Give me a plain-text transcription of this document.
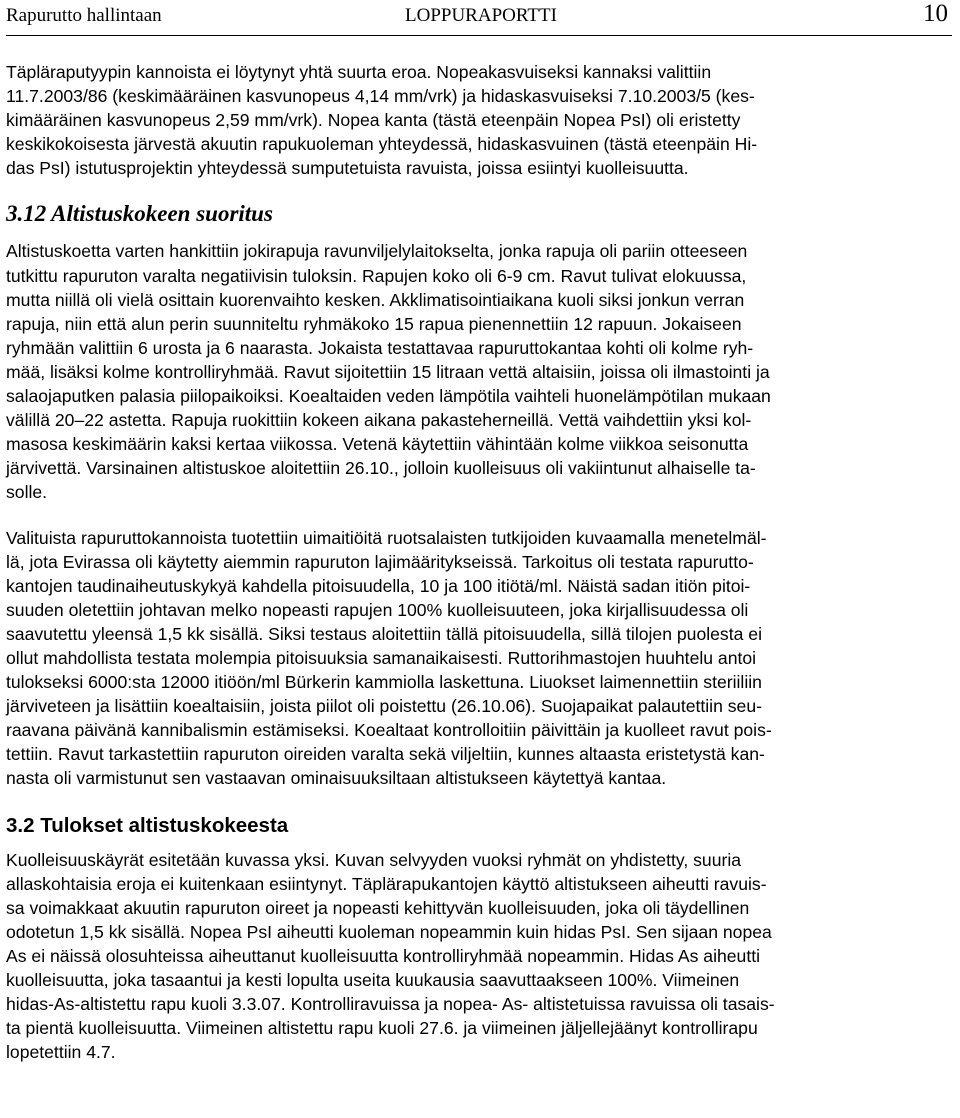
Rapurutto hallintaan	LOPPURAPORTTI	10

Täpläraputyypin kannoista ei löytynyt yhtä suurta eroa. Nopeakasvuiseksi kannaksi valittiin
11.7.2003/86 (keskimääräinen kasvunopeus 4,14 mm/vrk) ja hidaskasvuiseksi 7.10.2003/5 (kes-
kimääräinen kasvunopeus 2,59 mm/vrk). Nopea kanta (tästä eteenpäin Nopea PsI) oli eristetty
keskikokoisesta järvestä akuutin rapukuoleman yhteydessä, hidaskasvuinen (tästä eteenpäin Hi-
das PsI) istutusprojektin yhteydessä sumputetuista ravuista, joissa esiintyi kuolleisuutta.

3.12 Altistuskokeen suoritus

Altistuskoetta varten hankittiin jokirapuja ravunviljelylaitokselta, jonka rapuja oli pariin otteeseen
tutkittu rapuruton varalta negatiivisin tuloksin. Rapujen koko oli 6-9 cm. Ravut tulivat elokuussa,
mutta niillä oli vielä osittain kuorenvaihto kesken. Akklimatisointiaikana kuoli siksi jonkun verran
rapuja, niin että alun perin suunniteltu ryhmäkoko 15 rapua pienennettiin 12 rapuun. Jokaiseen
ryhmään valittiin 6 urosta ja 6 naarasta. Jokaista testattavaa rapuruttokantaa kohti oli kolme ryh-
mää, lisäksi kolme kontrolliryhmää. Ravut sijoitettiin 15 litraan vettä altaisiin, joissa oli ilmastointi ja
salaojaputken palasia piilopaikoiksi. Koealtaiden veden lämpötila vaihteli huonelämpötilan mukaan
välillä 20–22 astetta. Rapuja ruokittiin kokeen aikana pakasteherneillä. Vettä vaihdettiin yksi kol-
masosa keskimäärin kaksi kertaa viikossa. Vetenä käytettiin vähintään kolme viikkoa seisonutta
järvivettä. Varsinainen altistuskoe aloitettiin 26.10., jolloin kuolleisuus oli vakiintunut alhaiselle ta-
solle.

Valituista rapuruttokannoista tuotettiin uimaitiöitä ruotsalaisten tutkijoiden kuvaamalla menetelmäl-
lä, jota Evirassa oli käytetty aiemmin rapuruton lajimääritykseissä. Tarkoitus oli testata rapurutto-
kantojen taudinaiheutuskykyä kahdella pitoisuudella, 10 ja 100 itiötä/ml. Näistä sadan itiön pitoi-
suuden oletettiin johtavan melko nopeasti rapujen 100% kuolleisuuteen, joka kirjallisuudessa oli
saavutettu yleensä 1,5 kk sisällä. Siksi testaus aloitettiin tällä pitoisuudella, sillä tilojen puolesta ei
ollut mahdollista testata molempia pitoisuuksia samanaikaisesti. Ruttorihmastojen huuhtelu antoi
tulokseksi 6000:sta 12000 itiöön/ml Bürkerin kammiolla laskettuna. Liuokset laimennettiin steriiliin
järviveteen ja lisättiin koealtaisiin, joista piilot oli poistettu (26.10.06). Suojapaikat palautettiin seu-
raavana päivänä kannibalismin estämiseksi. Koealtaat kontrolloitiin päivittäin ja kuolleet ravut pois-
tettiin. Ravut tarkastettiin rapuruton oireiden varalta sekä viljeltiin, kunnes altaasta eristetystä kan-
nasta oli varmistunut sen vastaavan ominaisuuksiltaan altistukseen käytettyä kantaa.

3.2 Tulokset altistuskokeesta

Kuolleisuuskäyrät esitetään kuvassa yksi. Kuvan selvyyden vuoksi ryhmät on yhdistetty, suuria
allaskohtaisia eroja ei kuitenkaan esiintynyt. Täplärapukantojen käyttö altistukseen aiheutti ravuis-
sa voimakkaat akuutin rapuruton oireet ja nopeasti kehittyvän kuolleisuuden, joka oli täydellinen
odotetun 1,5 kk sisällä. Nopea PsI aiheutti kuoleman nopeammin kuin hidas PsI. Sen sijaan nopea
As ei näissä olosuhteissa aiheuttanut kuolleisuutta kontrolliryhmää nopeammin. Hidas As aiheutti
kuolleisuutta, joka tasaantui ja kesti lopulta useita kuukausia saavuttaakseen 100%. Viimeinen
hidas-As-altistettu rapu kuoli 3.3.07. Kontrolliravuissa ja nopea- As- altistetuissa ravuissa oli tasais-
ta pientä kuolleisuutta. Viimeinen altistettu rapu kuoli 27.6. ja viimeinen jäljellejäänyt kontrollirapu
lopetettiin 4.7.
